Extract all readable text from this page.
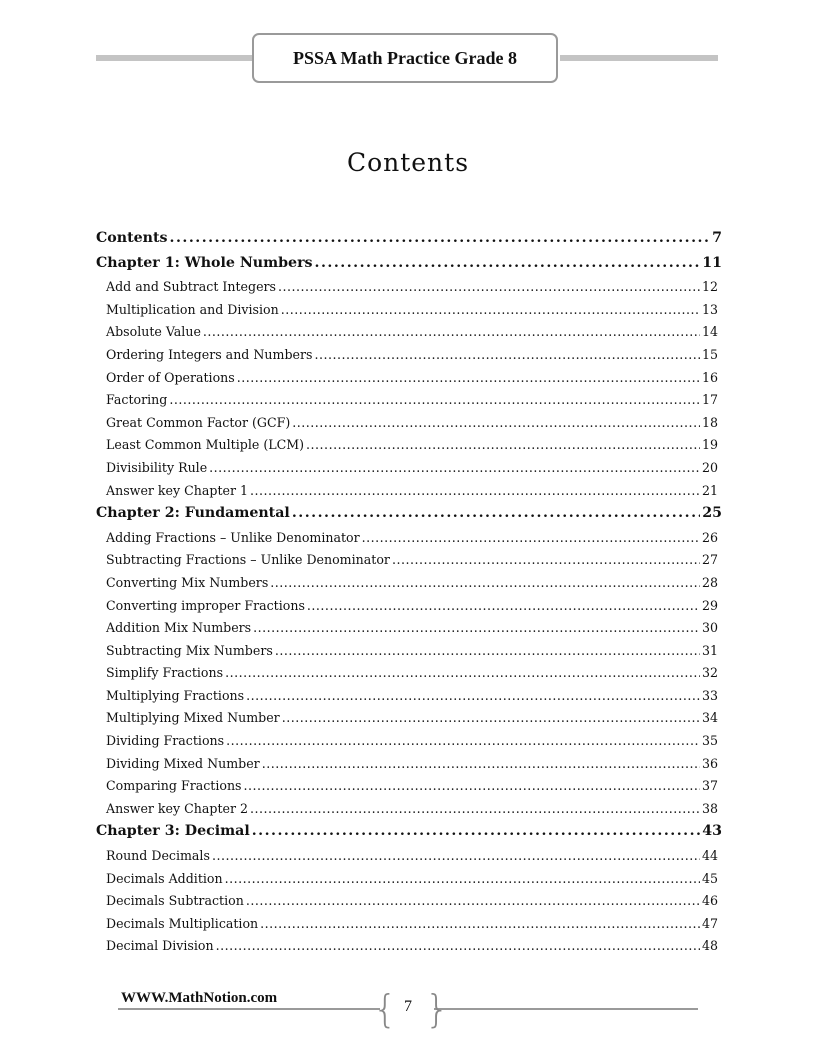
PSSA Math Practice Grade 8
Contents
Contents .....	7
Chapter 1: Whole Numbers .....	11
Add and Subtract Integers .....	12
Multiplication and Division .....	13
Absolute Value .....	14
Ordering Integers and Numbers .....	15
Order of Operations .....	16
Factoring .....	17
Great Common Factor (GCF) .....	18
Least Common Multiple (LCM) .....	19
Divisibility Rule .....	20
Answer key Chapter 1 .....	21
Chapter 2: Fundamental .....	25
Adding Fractions – Unlike Denominator .....	26
Subtracting Fractions – Unlike Denominator .....	27
Converting Mix Numbers .....	28
Converting improper Fractions .....	29
Addition Mix Numbers .....	30
Subtracting Mix Numbers .....	31
Simplify Fractions .....	32
Multiplying Fractions .....	33
Multiplying Mixed Number .....	34
Dividing Fractions .....	35
Dividing Mixed Number .....	36
Comparing Fractions .....	37
Answer key Chapter 2 .....	38
Chapter 3: Decimal .....	43
Round Decimals .....	44
Decimals Addition .....	45
Decimals Subtraction .....	46
Decimals Multiplication .....	47
Decimal Division .....	48
WWW.MathNotion.com	{ }
7
